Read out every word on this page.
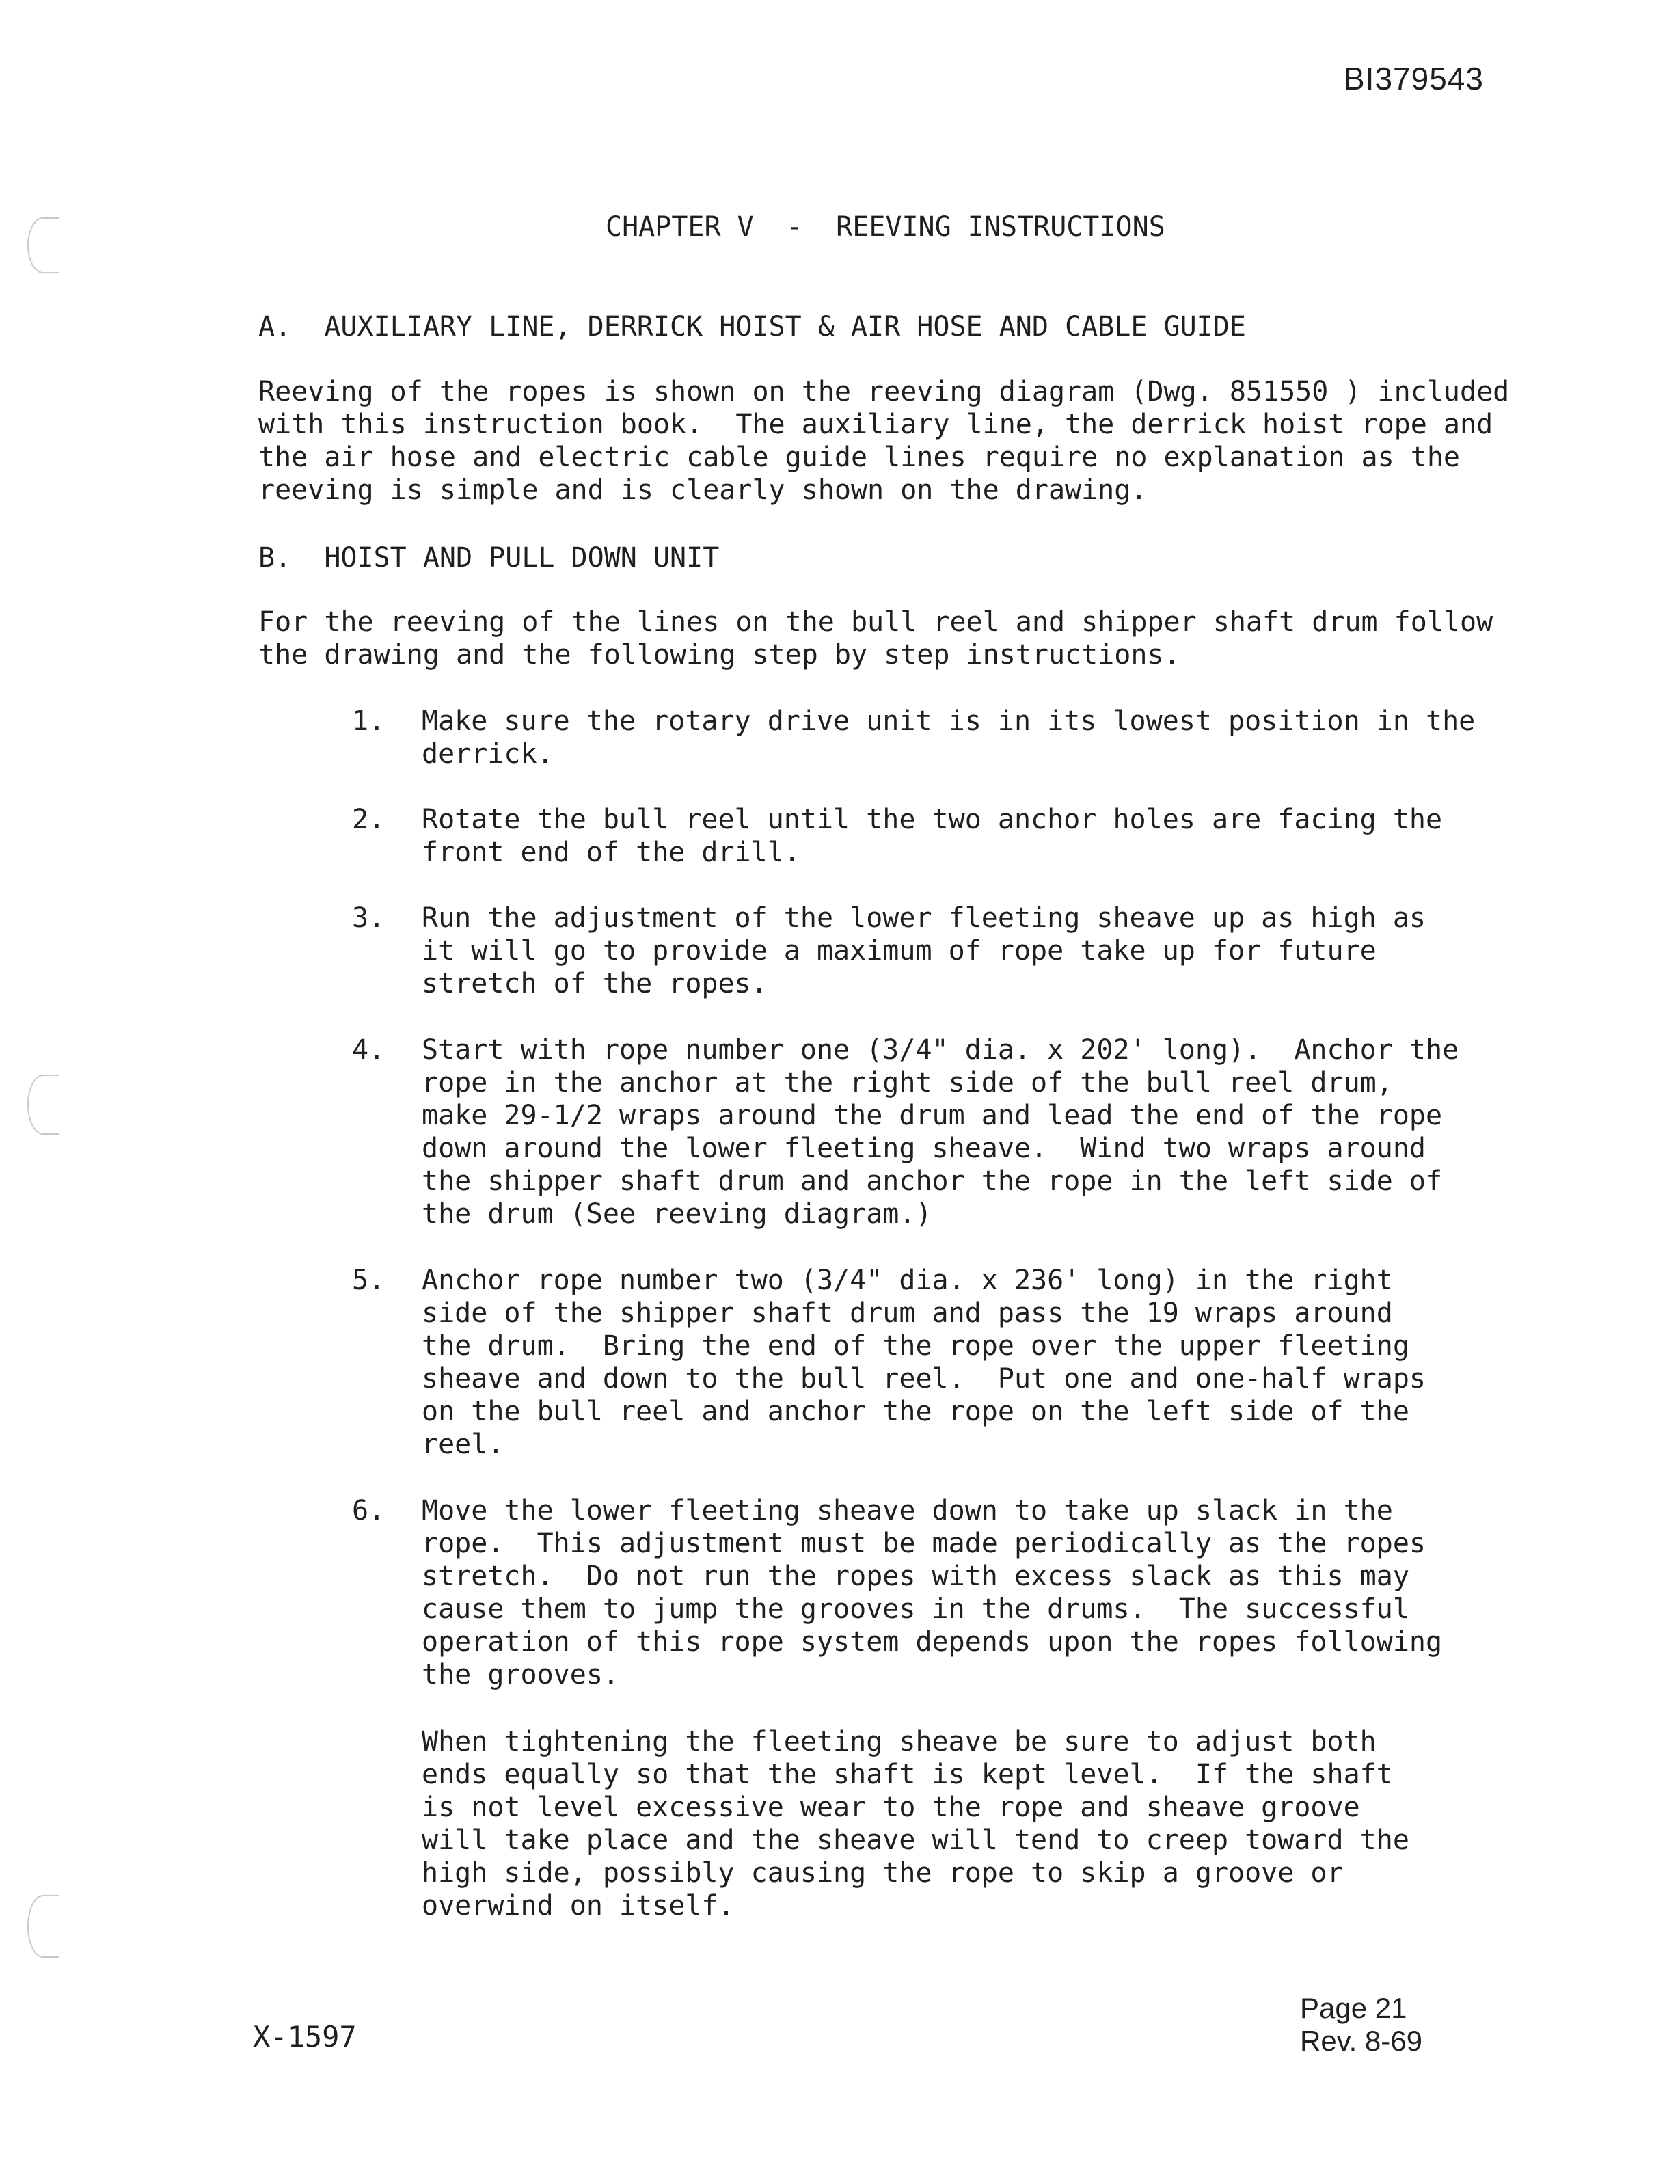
BI379543
CHAPTER V  -  REEVING INSTRUCTIONS
A.  AUXILIARY LINE, DERRICK HOIST & AIR HOSE AND CABLE GUIDE
Reeving of the ropes is shown on the reeving diagram (Dwg. 851550 ) included
with this instruction book.  The auxiliary line, the derrick hoist rope and
the air hose and electric cable guide lines require no explanation as the
reeving is simple and is clearly shown on the drawing.
B.  HOIST AND PULL DOWN UNIT
For the reeving of the lines on the bull reel and shipper shaft drum follow
the drawing and the following step by step instructions.
1. Make sure the rotary drive unit is in its lowest position in the
derrick.
2. Rotate the bull reel until the two anchor holes are facing the
front end of the drill.
3. Run the adjustment of the lower fleeting sheave up as high as
it will go to provide a maximum of rope take up for future
stretch of the ropes.
4. Start with rope number one (3/4" dia. x 202' long).  Anchor the
rope in the anchor at the right side of the bull reel drum,
make 29-1/2 wraps around the drum and lead the end of the rope
down around the lower fleeting sheave.  Wind two wraps around
the shipper shaft drum and anchor the rope in the left side of
the drum (See reeving diagram.)
5. Anchor rope number two (3/4" dia. x 236' long) in the right
side of the shipper shaft drum and pass the 19 wraps around
the drum.  Bring the end of the rope over the upper fleeting
sheave and down to the bull reel.  Put one and one-half wraps
on the bull reel and anchor the rope on the left side of the
reel.
6. Move the lower fleeting sheave down to take up slack in the
rope.  This adjustment must be made periodically as the ropes
stretch.  Do not run the ropes with excess slack as this may
cause them to jump the grooves in the drums.  The successful
operation of this rope system depends upon the ropes following
the grooves.
When tightening the fleeting sheave be sure to adjust both
ends equally so that the shaft is kept level.  If the shaft
is not level excessive wear to the rope and sheave groove
will take place and the sheave will tend to creep toward the
high side, possibly causing the rope to skip a groove or
overwind on itself.
X-1597
Page 21
Rev. 8-69
